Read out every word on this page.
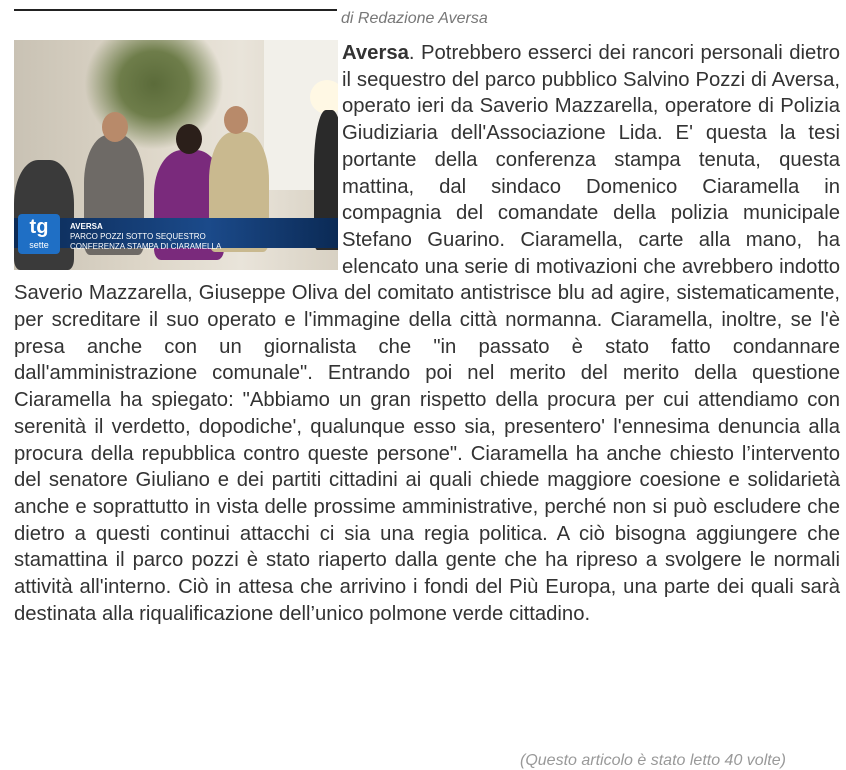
di Redazione Aversa
tg
sette
AVERSA
PARCO POZZI SOTTO SEQUESTRO
CONFERENZA STAMPA DI CIARAMELLA
Aversa. Potrebbero esserci dei rancori personali dietro il sequestro del parco pubblico Salvino Pozzi di Aversa, operato ieri da Saverio Mazzarella, operatore di Polizia Giudiziaria dell'Associazione Lida. E' questa la tesi portante della conferenza stampa tenuta, questa mattina, dal sindaco Domenico Ciaramella in compagnia del comandate della polizia municipale Stefano Guarino. Ciaramella, carte alla mano, ha elencato una serie di motivazioni che avrebbero indotto Saverio Mazzarella, Giuseppe Oliva del comitato antistrisce blu ad agire, sistematicamente, per screditare il suo operato e l'immagine della città normanna. Ciaramella, inoltre, se l'è presa anche con un giornalista che "in passato è stato fatto condannare dall'amministrazione comunale". Entrando poi nel merito del merito della questione Ciaramella ha spiegato: "Abbiamo un gran rispetto della procura per cui attendiamo con serenità il verdetto, dopodiche', qualunque esso sia, presentero' l'ennesima denuncia alla procura della repubblica contro queste persone". Ciaramella ha anche chiesto l’intervento del senatore Giuliano e dei partiti cittadini ai quali chiede maggiore coesione e solidarietà anche e soprattutto in vista delle prossime amministrative, perché non si può escludere che dietro a questi continui attacchi ci sia una regia politica. A ciò bisogna aggiungere che stamattina il parco pozzi è stato riaperto dalla gente che ha ripreso a svolgere le normali attività all'interno. Ciò in attesa che arrivino i fondi del Più Europa, una parte dei quali sarà destinata alla riqualificazione dell’unico polmone verde cittadino.
(Questo articolo è stato letto 40 volte)
